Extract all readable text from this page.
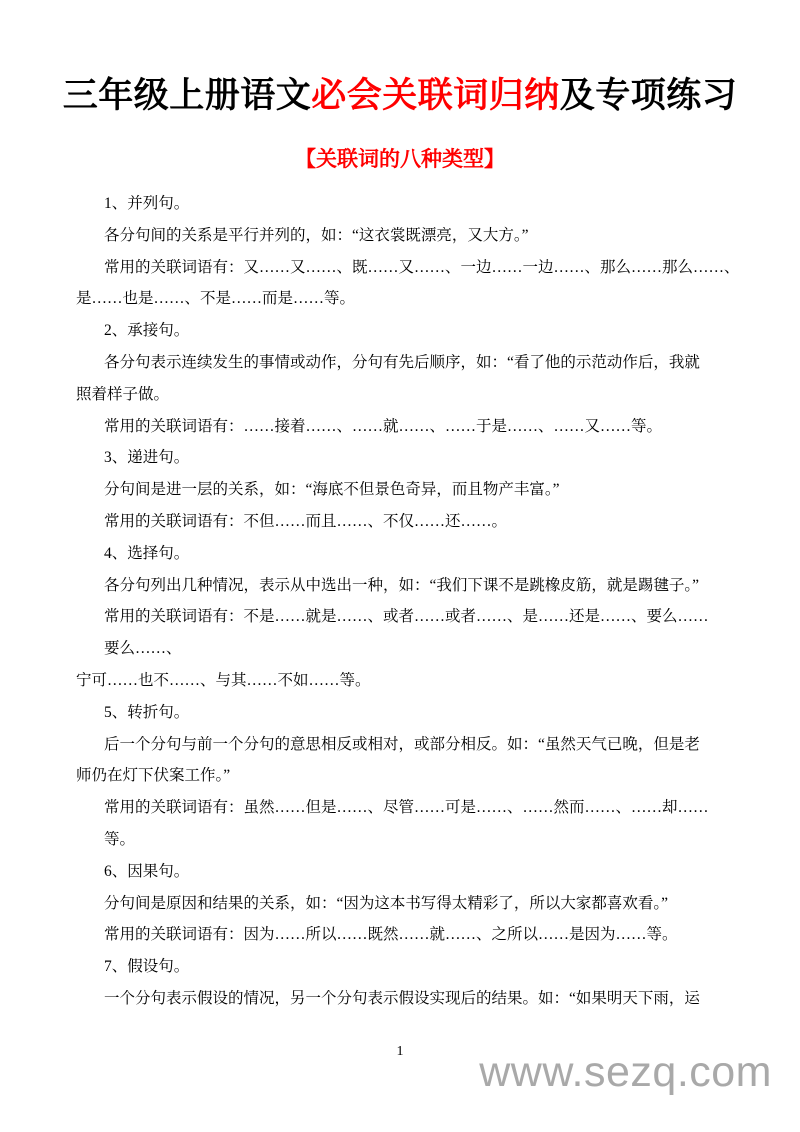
三年级上册语文必会关联词归纳及专项练习
【关联词的八种类型】
1、并列句。
各分句间的关系是平行并列的，如：“这衣裳既漂亮，又大方。”
常用的关联词语有：又……又……、既……又……、一边……一边……、那么……那么……、
是……也是……、不是……而是……等。
2、承接句。
各分句表示连续发生的事情或动作，分句有先后顺序，如：“看了他的示范动作后，我就
照着样子做。
常用的关联词语有：……接着……、……就……、……于是……、……又……等。
3、递进句。
分句间是进一层的关系，如：“海底不但景色奇异，而且物产丰富。”
常用的关联词语有：不但……而且……、不仅……还……。
4、选择句。
各分句列出几种情况，表示从中选出一种，如：“我们下课不是跳橡皮筋，就是踢毽子。”
常用的关联词语有：不是……就是……、或者……或者……、是……还是……、要么……
要么……、
宁可……也不……、与其……不如……等。
5、转折句。
后一个分句与前一个分句的意思相反或相对，或部分相反。如：“虽然天气已晚，但是老
师仍在灯下伏案工作。”
常用的关联词语有：虽然……但是……、尽管……可是……、……然而……、……却……
等。
6、因果句。
分句间是原因和结果的关系，如：“因为这本书写得太精彩了，所以大家都喜欢看。”
常用的关联词语有：因为……所以……既然……就……、之所以……是因为……等。
7、假设句。
一个分句表示假设的情况，另一个分句表示假设实现后的结果。如：“如果明天下雨，运
1	www.sezq.com
